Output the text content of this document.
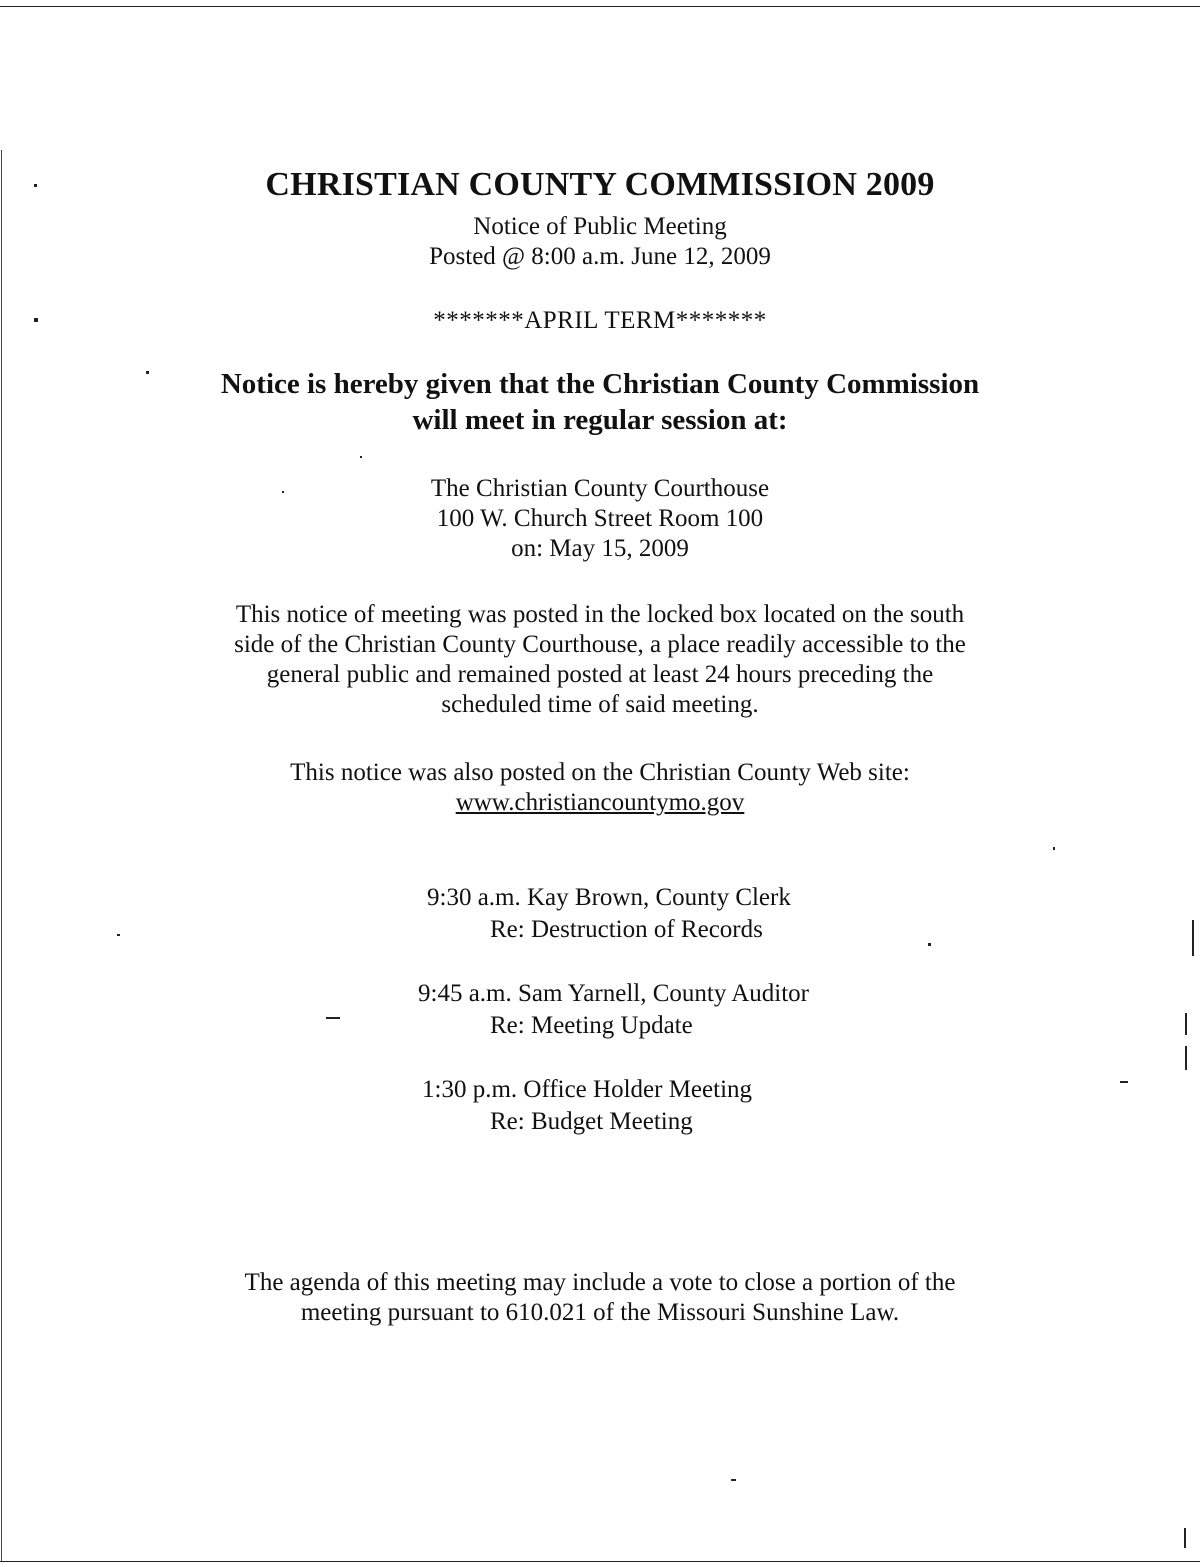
CHRISTIAN COUNTY COMMISSION 2009

Notice of Public Meeting

Posted @ 8:00 a.m. June 12, 2009

*******APRIL TERM*******
Notice is hereby given that the Christian County Commission
will meet in regular session at:

The Christian County Courthouse

100 W. Church Street Room 100

on: May 15, 2009

This notice of meeting was posted in the locked box located on the south

side of the Christian County Courthouse, a place readily accessible to the

general public and remained posted at least 24 hours preceding the

scheduled time of said meeting.

This notice was also posted on the Christian County Web site:

www.christiancountymo.gov

9:30 a.m. Kay Brown, County Clerk
Re: Destruction of Records
9:45 a.m. Sam Yarnell, County Auditor
Re: Meeting Update
1:30 p.m. Office Holder Meeting
Re: Budget Meeting

The agenda of this meeting may include a vote to close a portion of the

meeting pursuant to 610.021 of the Missouri Sunshine Law.
